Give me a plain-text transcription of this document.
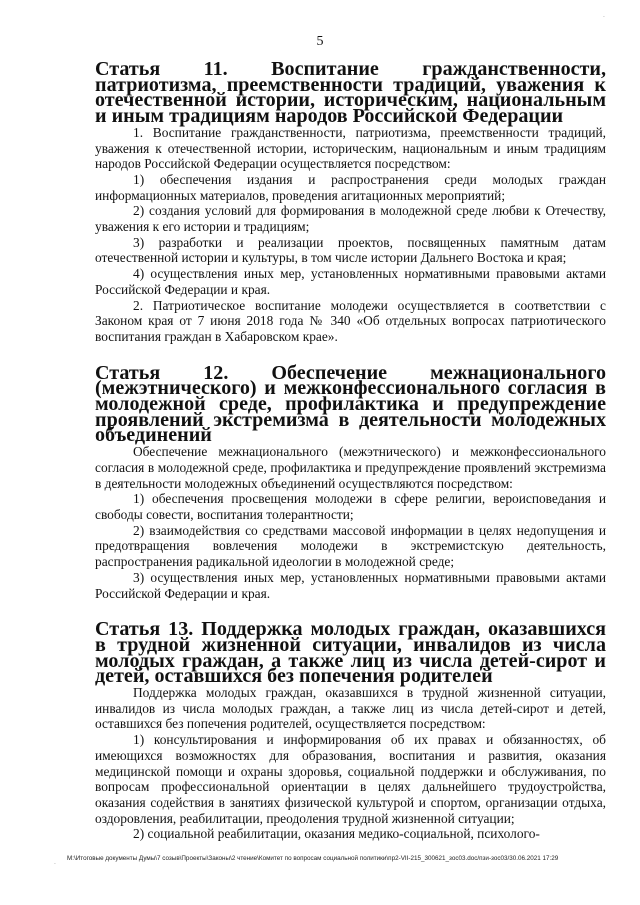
5
Статья 11. Воспитание гражданственности, патриотизма, преемственности традиций, уважения к отечественной истории, историческим, национальным и иным традициям народов Российской Федерации

1. Воспитание гражданственности, патриотизма, преемственности традиций, уважения к отечественной истории, историческим, национальным и иным традициям народов Российской Федерации осуществляется посредством:

1) обеспечения издания и распространения среди молодых граждан информационных материалов, проведения агитационных мероприятий;

2) создания условий для формирования в молодежной среде любви к Отечеству, уважения к его истории и традициям;

3) разработки и реализации проектов, посвященных памятным датам отечественной истории и культуры, в том числе истории Дальнего Востока и края;

4) осуществления иных мер, установленных нормативными правовыми актами Российской Федерации и края.

2. Патриотическое воспитание молодежи осуществляется в соответствии с Законом края от 7 июня 2018 года № 340 «Об отдельных вопросах патриотического воспитания граждан в Хабаровском крае».

Статья 12. Обеспечение межнационального (межэтнического) и межконфессионального согласия в молодежной среде, профилактика и предупреждение проявлений экстремизма в деятельности молодежных объединений

Обеспечение межнационального (межэтнического) и межконфессионального согласия в молодежной среде, профилактика и предупреждение проявлений экстремизма в деятельности молодежных объединений осуществляются посредством:

1) обеспечения просвещения молодежи в сфере религии, вероисповедания и свободы совести, воспитания толерантности;

2) взаимодействия со средствами массовой информации в целях недопущения и предотвращения вовлечения молодежи в экстремистскую деятельность, распространения радикальной идеологии в молодежной среде;

3) осуществления иных мер, установленных нормативными правовыми актами Российской Федерации и края.

Статья 13. Поддержка молодых граждан, оказавшихся в трудной жизненной ситуации, инвалидов из числа молодых граждан, а также лиц из числа детей-сирот и детей, оставшихся без попечения родителей

Поддержка молодых граждан, оказавшихся в трудной жизненной ситуации, инвалидов из числа молодых граждан, а также лиц из числа детей-сирот и детей, оставшихся без попечения родителей, осуществляется посредством:

1) консультирования и информирования об их правах и обязанностях, об имеющихся возможностях для образования, воспитания и развития, оказания медицинской помощи и охраны здоровья, социальной поддержки и обслуживания, по вопросам профессиональной ориентации в целях дальнейшего трудоустройства, оказания содействия в занятиях физической культурой и спортом, организации отдыха, оздоровления, реабилитации, преодоления трудной жизненной ситуации;

2) социальной реабилитации, оказания медико-социальной, психолого-

M:\Итоговые документы Думы\7 созыв\Проекты\Законы\2 чтение\Комитет по вопросам социальной политики\пр2-VII-215_300621_зос03.doc/пзи-зос03/30.06.2021 17:29
·
·
